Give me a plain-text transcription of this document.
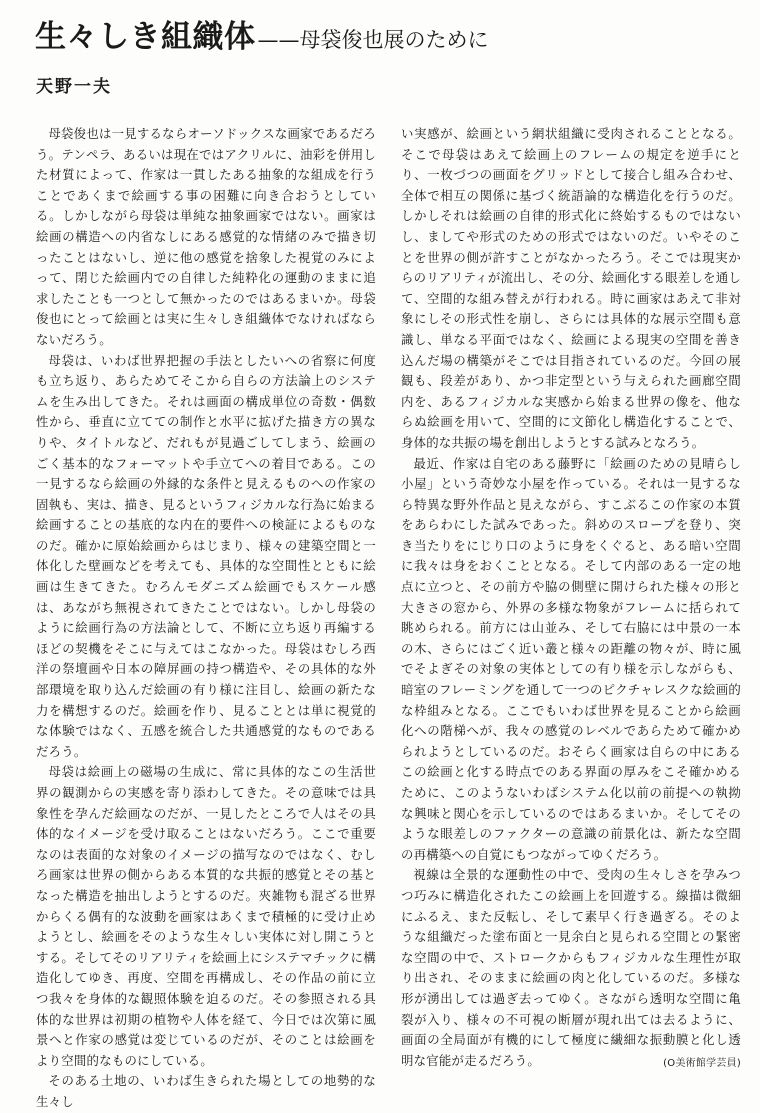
生々しき組織体——母袋俊也展のために
天野一夫

母袋俊也は一見するならオーソドックスな画家であるだろう。テンペラ、あるいは現在ではアクリルに、油彩を併用した材質によって、作家は一貫したある抽象的な組成を行うことであくまで絵画する事の困難に向き合おうとしている。しかしながら母袋は単純な抽象画家ではない。画家は絵画の構造への内省なしにある感覚的な情緒のみで描き切ったことはないし、逆に他の感覚を捨象した視覚のみによって、閉じた絵画内での自律した純粋化の運動のままに追求したことも一つとして無かったのではあるまいか。母袋俊也にとって絵画とは実に生々しき組織体でなければならないだろう。

母袋は、いわば世界把握の手法としたいへの省察に何度も立ち返り、あらためてそこから自らの方法論上のシステムを生み出してきた。それは画面の構成単位の奇数・偶数性から、垂直に立てての制作と水平に拡げた描き方の異なりや、タイトルなど、だれもが見過ごしてしまう、絵画のごく基本的なフォーマットや手立てへの着目である。この一見するなら絵画の外縁的な条件と見えるものへの作家の固執も、実は、描き、見るというフィジカルな行為に始まる絵画することの基底的な内在的要件への検証によるものなのだ。確かに原始絵画からはじまり、様々の建築空間と一体化した壁画などを考えても、具体的な空間性とともに絵画は生きてきた。むろんモダニズム絵画でもスケール感は、あながち無視されてきたことではない。しかし母袋のように絵画行為の方法論として、不断に立ち返り再編するほどの契機をそこに与えてはこなかった。母袋はむしろ西洋の祭壇画や日本の障屏画の持つ構造や、その具体的な外部環境を取り込んだ絵画の有り様に注目し、絵画の新たな力を構想するのだ。絵画を作り、見ることとは単に視覚的な体験ではなく、五感を統合した共通感覚的なものであるだろう。

母袋は絵画上の磁場の生成に、常に具体的なこの生活世界の観測からの実感を寄り添わしてきた。その意味では具象性を孕んだ絵画なのだが、一見したところで人はその具体的なイメージを受け取ることはないだろう。ここで重要なのは表面的な対象のイメージの描写なのではなく、むしろ画家は世界の側からある本質的な共振的感覚とその基となった構造を抽出しようとするのだ。夾雑物も混ざる世界からくる偶有的な波動を画家はあくまで積極的に受け止めようとし、絵画をそのような生々しい実体に対し開こうとする。そしてそのリアリティを絵画上にシステマチックに構造化してゆき、再度、空間を再構成し、その作品の前に立つ我々を身体的な観照体験を迫るのだ。その参照される具体的な世界は初期の植物や人体を経て、今日では次第に風景へと作家の感覚は変じているのだが、そのことは絵画をより空間的なものにしている。

そのある土地の、いわば生きられた場としての地勢的な生々し

い実感が、絵画という網状組織に受肉されることとなる。そこで母袋はあえて絵画上のフレームの規定を逆手にとり、一枚づつの画面をグリッドとして接合し組み合わせ、全体で相互の関係に基づく統語論的な構造化を行うのだ。しかしそれは絵画の自律的形式化に終始するものではないし、ましてや形式のための形式ではないのだ。いやそのことを世界の側が許すことがなかったろう。そこでは現実からのリアリティが流出し、その分、絵画化する眼差しを通して、空間的な組み替えが行われる。時に画家はあえて非対象にしその形式性を崩し、さらには具体的な展示空間も意識し、単なる平面ではなく、絵画による現実の空間を善き込んだ場の構築がそこでは目指されているのだ。今回の展観も、段差があり、かつ非定型という与えられた画廊空間内を、あるフィジカルな実感から始まる世界の像を、他ならぬ絵画を用いて、空間的に文節化し構造化することで、身体的な共振の場を創出しようとする試みとなろう。

最近、作家は自宅のある藤野に「絵画のための見晴らし小屋」という奇妙な小屋を作っている。それは一見するなら特異な野外作品と見えながら、すこぶるこの作家の本質をあらわにした試みであった。斜めのスロープを登り、突き当たりをにじり口のように身をくぐると、ある暗い空間に我々は身をおくこととなる。そして内部のある一定の地点に立つと、その前方や脇の側壁に開けられた様々の形と大きさの窓から、外界の多様な物象がフレームに括られて眺められる。前方には山並み、そして右脇には中景の一本の木、さらにはごく近い叢と様々の距離の物々が、時に風でそよぎその対象の実体としての有り様を示しながらも、暗室のフレーミングを通して一つのピクチャレスクな絵画的な枠組みとなる。ここでもいわば世界を見ることから絵画化への階梯へが、我々の感覚のレベルであらためて確かめられようとしているのだ。おそらく画家は自らの中にあるこの絵画と化する時点でのある界面の厚みをこそ確かめるために、このようないわばシステム化以前の前提への執拗な興味と関心を示しているのではあるまいか。そしてそのような眼差しのファクターの意識の前景化は、新たな空間の再構築への自覚にもつながってゆくだろう。

視線は全景的な運動性の中で、受肉の生々しさを孕みつつ巧みに構造化されたこの絵画上を回遊する。線描は微細にふるえ、また反転し、そして素早く行き過ぎる。そのような組織だった塗布面と一見余白と見られる空間との緊密な空間の中で、ストロークからもフィジカルな生理性が取り出され、そのままに絵画の肉と化しているのだ。多様な形が湧出しては過ぎ去ってゆく。さながら透明な空間に亀裂が入り、様々の不可視の断層が現れ出ては去るように、画面の全局面が有機的にして極度に繊細な振動膜と化し透明な官能が走るだろう。	(O美術館学芸員)
